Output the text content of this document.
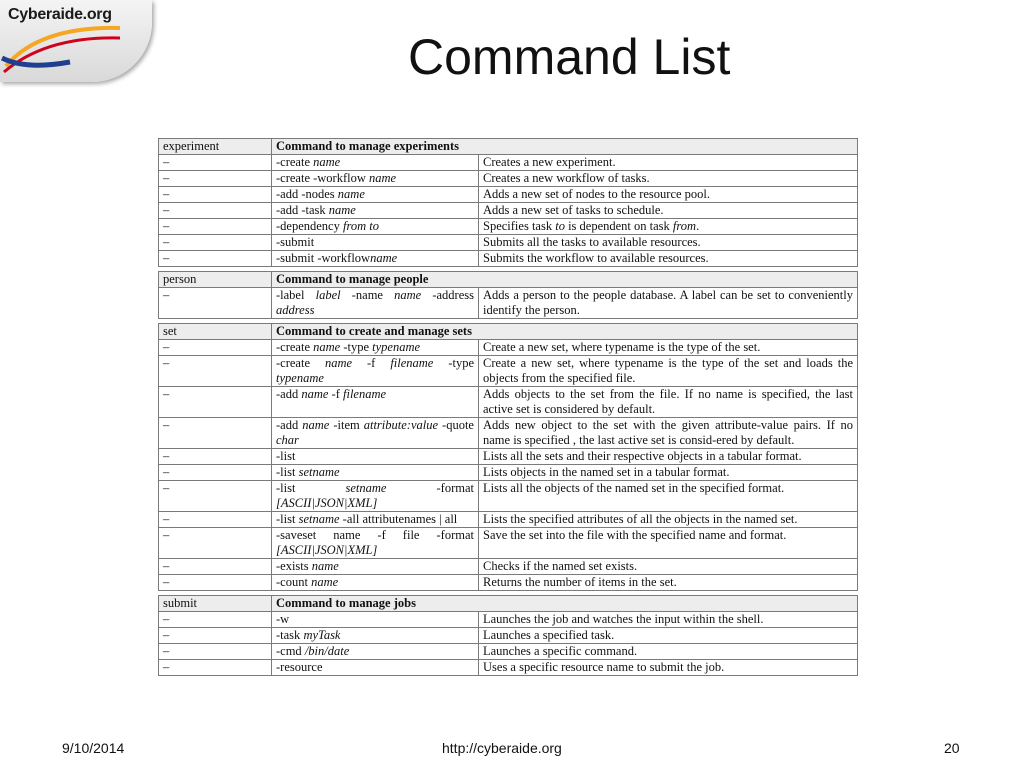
Cyberaide.org
Command List
experiment	Command to manage experiments	
–	-create name	Creates a new experiment.
–	-create -workflow name	Creates a new workflow of tasks.
–	-add -nodes name	Adds a new set of nodes to the resource pool.
–	-add -task name	Adds a new set of tasks to schedule.
–	-dependency from to	Specifies task to is dependent on task from.
–	-submit	Submits all the tasks to available resources.
–	-submit -workflowname	Submits the workflow to available resources.

person	Command to manage people	
–	-label label -name name -address address	Adds a person to the people database. A label can be set to conveniently identify the person.

set	Command to create and manage sets	
–	-create name -type typename	Create a new set, where typename is the type of the set.
–	-create name -f filename -type typename	Create a new set, where typename is the type of the set and loads the objects from the specified file.
–	-add name -f filename	Adds objects to the set from the file. If no name is specified, the last active set is considered by default.
–	-add name -item attribute:value -quote char	Adds new object to the set with the given attribute-value pairs. If no name is specified , the last active set is consid-ered by default.
–	-list	Lists all the sets and their respective objects in a tabular format.
–	-list setname	Lists objects in the named set in a tabular format.
–	-list setname -format [ASCII|JSON|XML]	Lists all the objects of the named set in the specified format.
–	-list setname -all attributenames | all	Lists the specified attributes of all the objects in the named set.
–	-saveset name -f file -format [ASCII|JSON|XML]	Save the set into the file with the specified name and format.
–	-exists name	Checks if the named set exists.
–	-count name	Returns the number of items in the set.

submit	Command to manage jobs	
–	-w	Launches the job and watches the input within the shell.
–	-task myTask	Launches a specified task.
–	-cmd /bin/date	Launches a specific command.
–	-resource	Uses a specific resource name to submit the job.
9/10/2014	http://cyberaide.org	20
